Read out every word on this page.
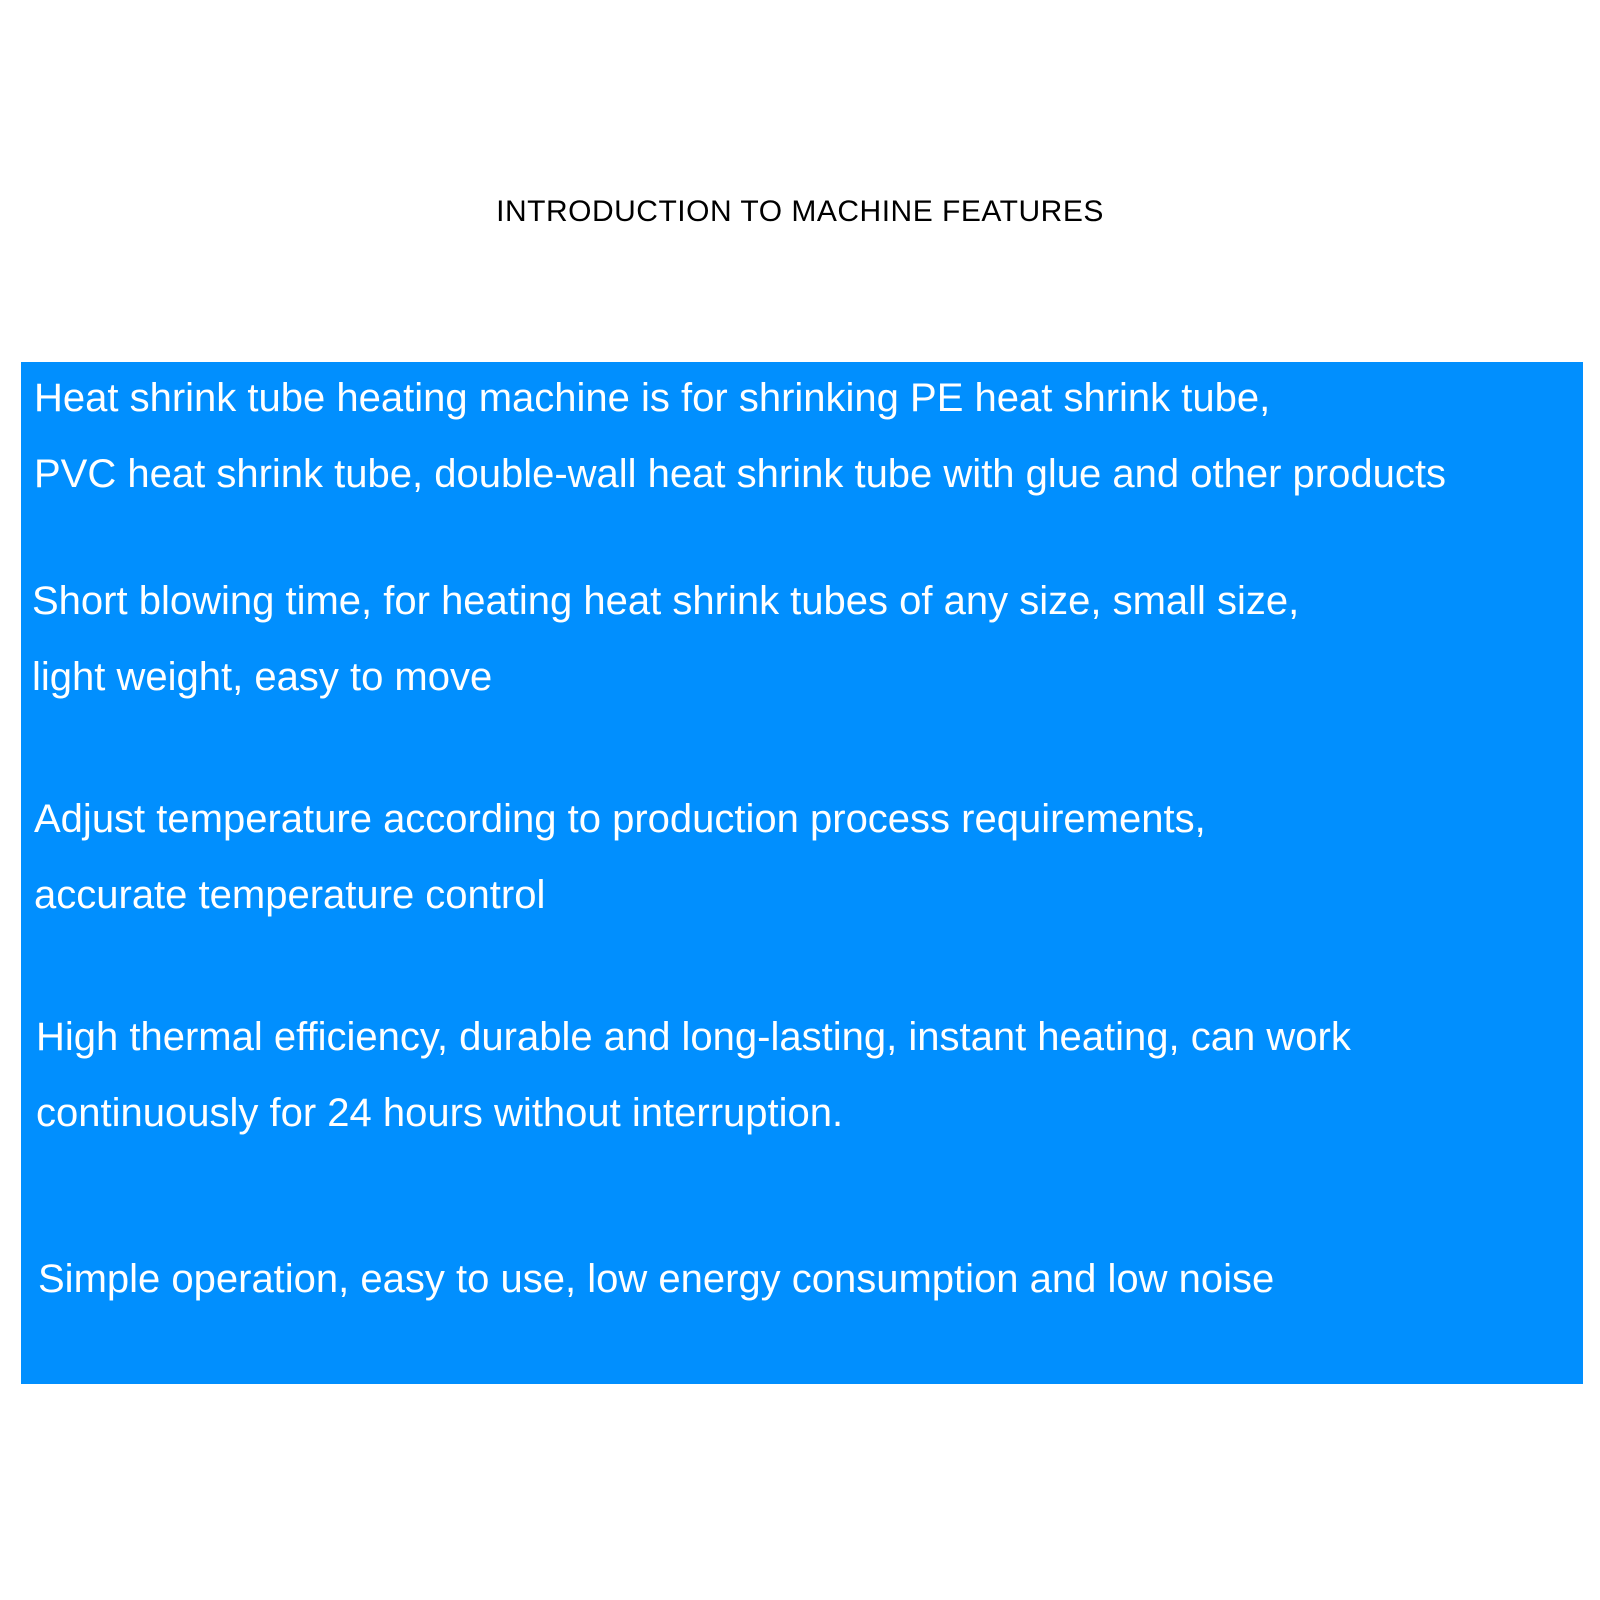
INTRODUCTION TO MACHINE FEATURES
Heat shrink tube heating machine is for shrinking PE heat shrink tube,
PVC heat shrink tube, double-wall heat shrink tube with glue and other products
Short blowing time, for heating heat shrink tubes of any size, small size,
light weight, easy to move
Adjust temperature according to production process requirements,
accurate temperature control
High thermal efficiency, durable and long-lasting, instant heating, can work
continuously for 24 hours without interruption.
Simple operation, easy to use, low energy consumption and low noise
